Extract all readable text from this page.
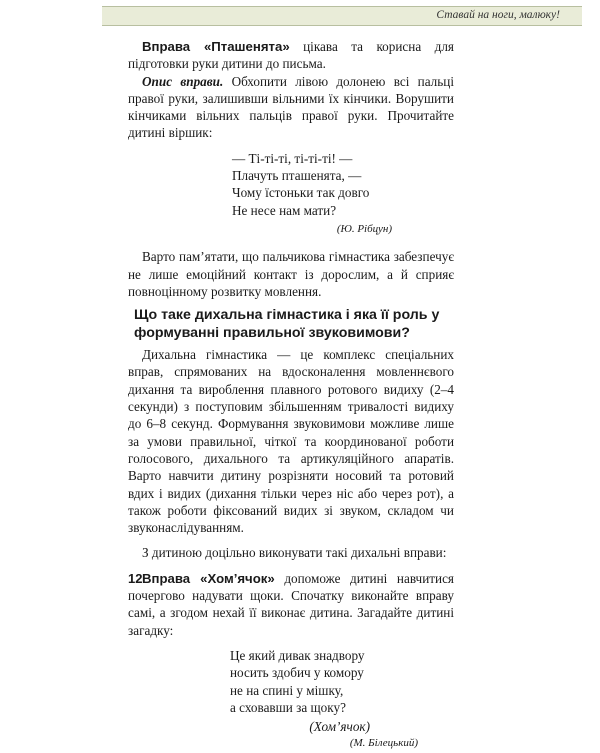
Ставай на ноги, малюку!

Вправа «Пташенята» цікава та корисна для підготовки руки дитини до письма.

Опис вправи. Обхопити лівою долонею всі пальці правої руки, залишивши вільними їх кінчики. Ворушити кінчиками вільних пальців правої руки. Прочитайте дитині віршик:

— Ті-ті-ті, ті-ті-ті! —
Плачуть пташенята, —
Чому їстоньки так довго
Не несе нам мати?
(Ю. Рібцун)

Варто пам’ятати, що пальчикова гімнастика забезпечує не лише емоційний контакт із дорослим, а й сприяє повноцінному розвитку мовлення.

Що таке дихальна гімнастика і яка її роль у формуванні правильної звуковимови?

Дихальна гімнастика — це комплекс спеціальних вправ, спрямованих на вдосконалення мовленнєвого дихання та вироблення плавного ротового видиху (2–4 секунди) з поступовим збільшенням тривалості видиху до 6–8 секунд. Формування звуковимови можливе лише за умови правильної, чіткої та координованої роботи голосового, дихального та артикуляційного апаратів. Варто навчити дитину розрізняти носовий та ротовий вдих і видих (дихання тільки через ніс або через рот), а також роботи фіксований видих зі звуком, складом чи звуконаслідуванням.

З дитиною доцільно виконувати такі дихальні вправи:

Вправа «Хом’ячок» допоможе дитині навчитися почергово надувати щоки. Спочатку виконайте вправу самі, а згодом нехай її виконає дитина. Загадайте дитині загадку:

Це який дивак знадвору
носить здобич у комору
не на спині у мішку,
а сховавши за щоку?
(Хом’ячок)
(М. Білецький)
12
